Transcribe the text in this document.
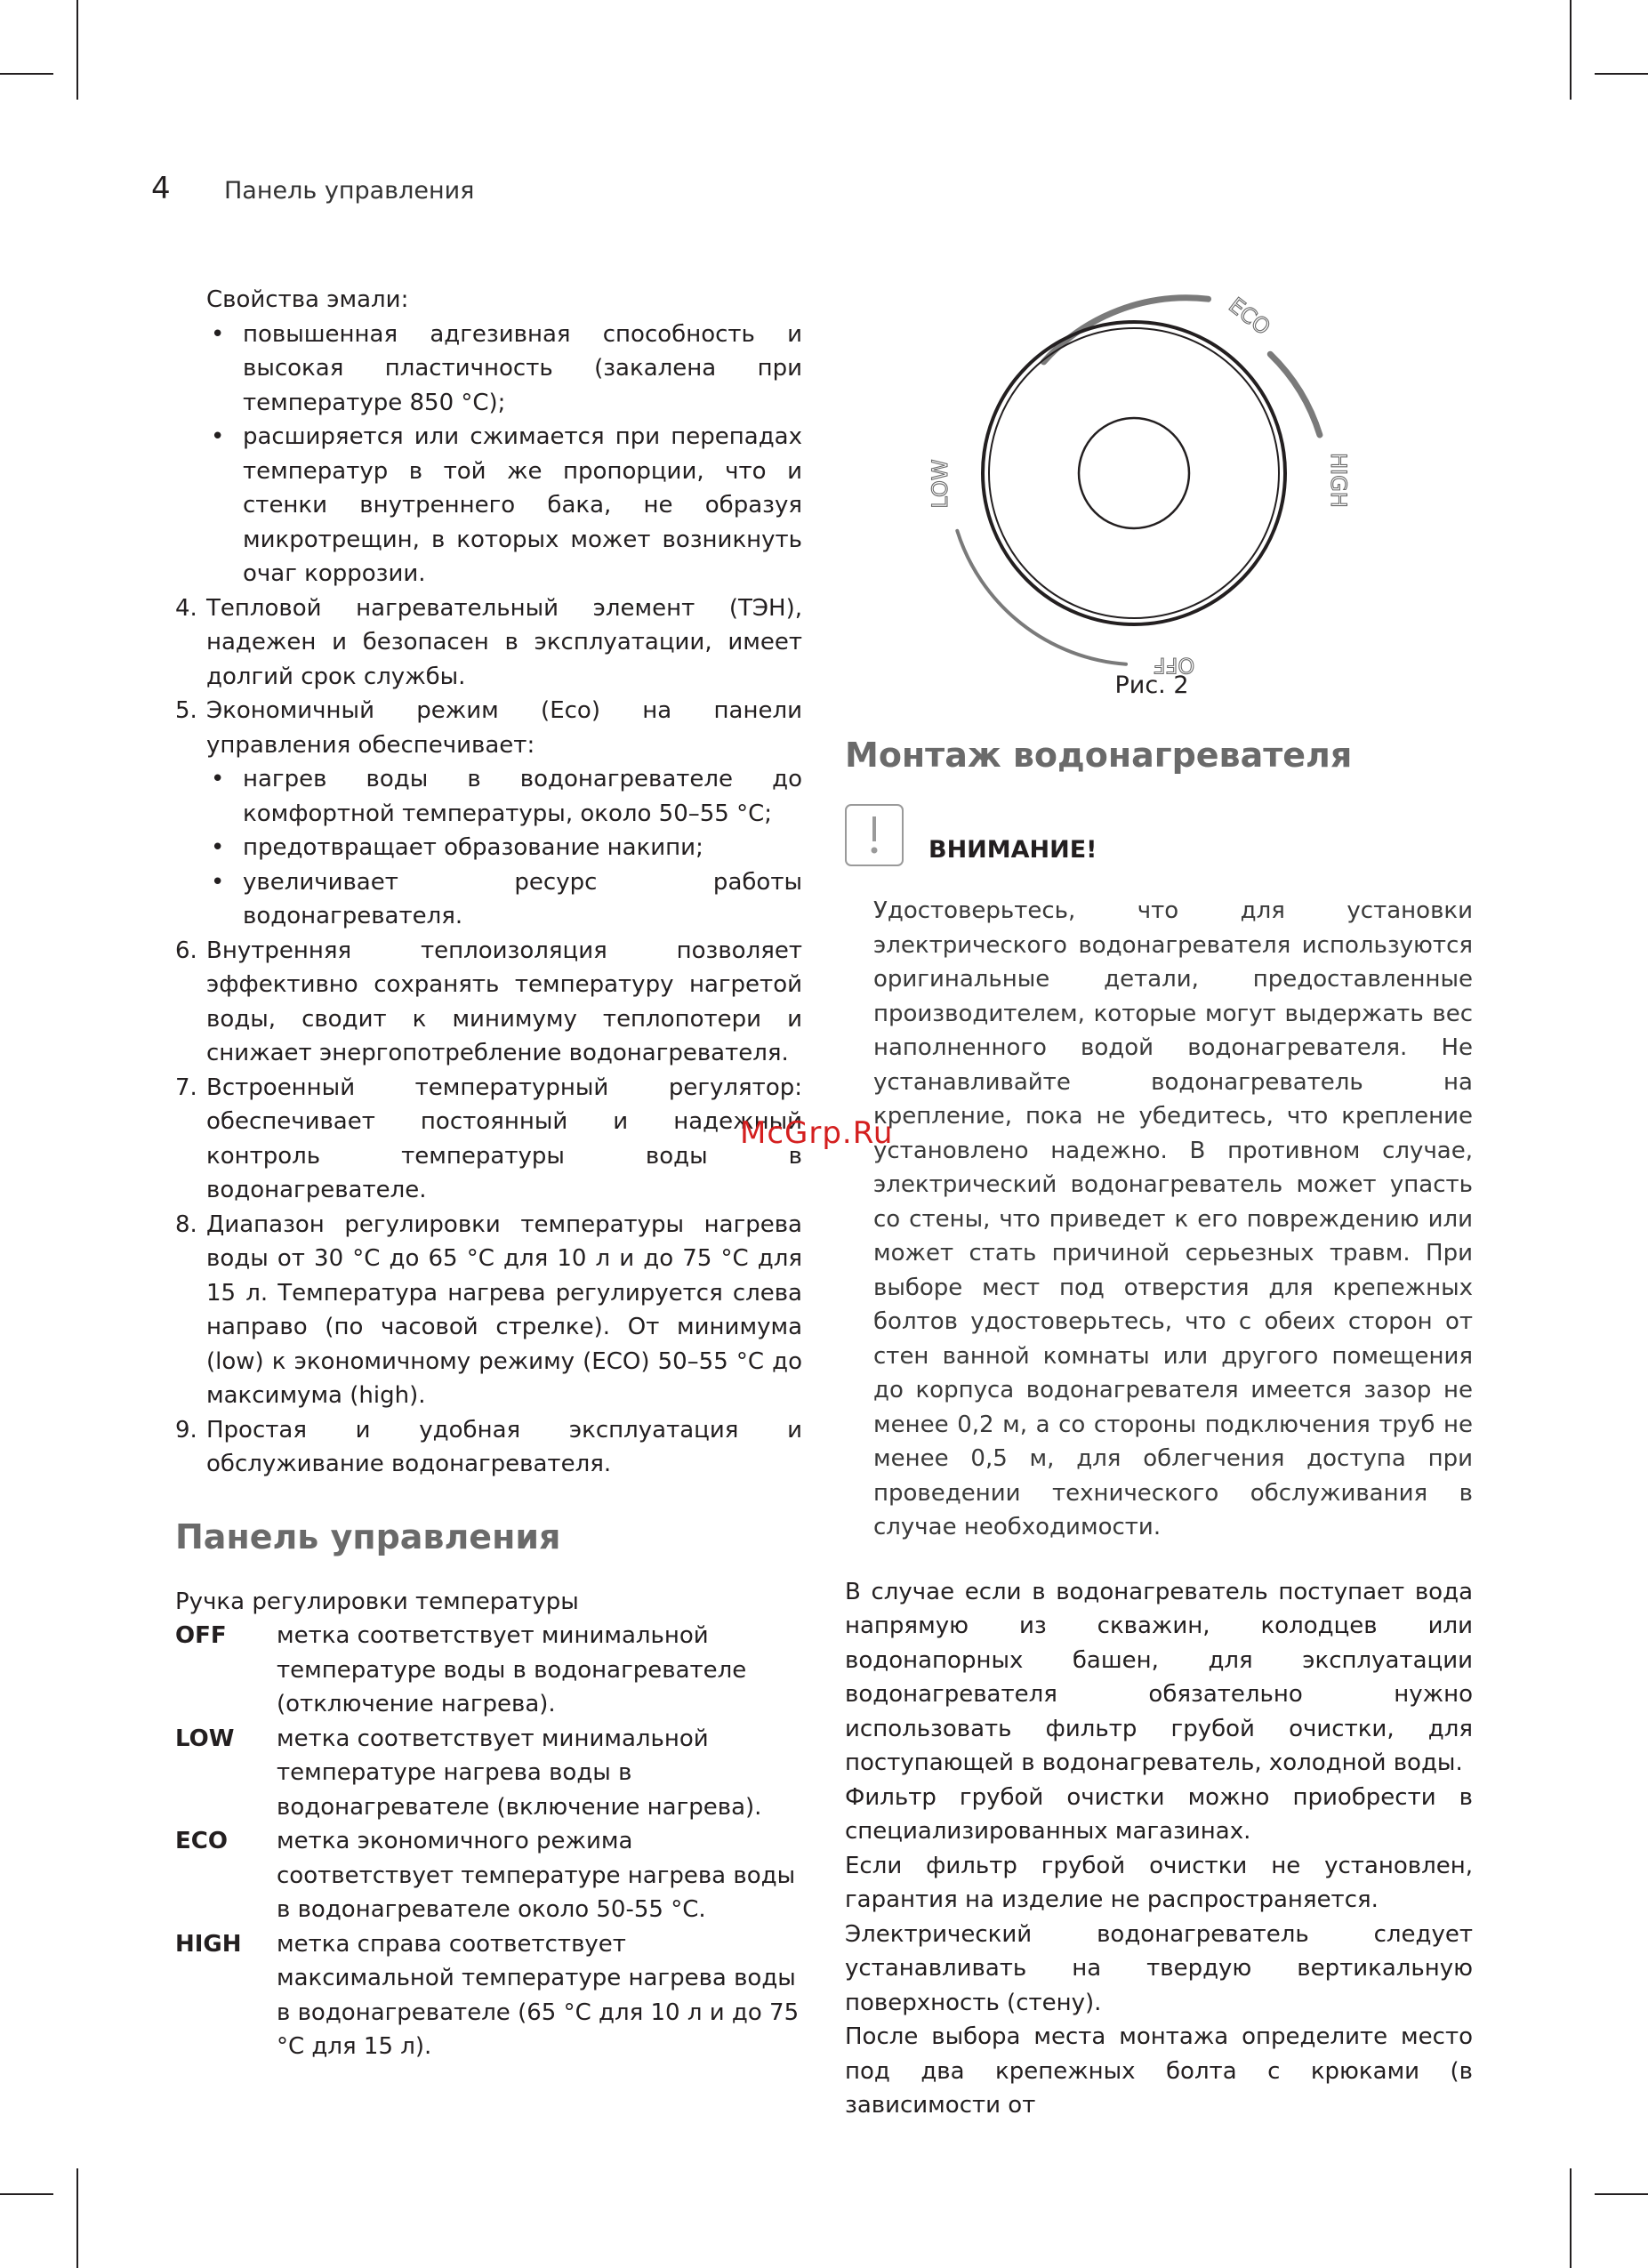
4	Панель управления

Свойства эмали:

• повышенная адгезивная способность и высокая пластичность (закалена при температуре 850 °С);
• расширяется или сжимается при перепадах температур в той же пропорции, что и стенки внутреннего бака, не образуя микротрещин, в которых может возникнуть очаг коррозии.
4. Тепловой нагревательный элемент (ТЭН), надежен и безопасен в эксплуатации, имеет долгий срок службы.
5. Экономичный режим (Eco) на панели управления обеспечивает:
• нагрев воды в водонагревателе до комфортной температуры, около 50–55 °С;
• предотвращает образование накипи;
• увеличивает ресурс работы водонагревателя.
6. Внутренняя теплоизоляция позволяет эффективно сохранять температуру нагретой воды, сводит к минимуму теплопотери и снижает энергопотребление водонагревателя.
7. Встроенный температурный регулятор: обеспечивает постоянный и надежный контроль температуры воды в водонагревателе.
8. Диапазон регулировки температуры нагрева воды от 30 °С до 65 °С для 10 л и до 75 °С для 15 л. Температура нагрева регулируется слева направо (по часовой стрелке). От минимума (low) к экономичному режиму (ECO) 50–55 °С до максимума (high).
9. Простая и удобная эксплуатация и обслуживание водонагревателя.
Панель управления

Ручка регулировки температуры

OFF	метка соответствует минимальной температуре воды в водонагревателе (отключение нагрева).
LOW	метка соответствует минимальной температуре нагрева воды в водонагревателе (включение нагрева).
ECO	метка экономичного режима соответствует температуре нагрева воды в водонагревателе около 50-55 °С.
HIGH	метка справа соответствует максимальной температуре нагрева воды в водонагревателе (65 °С для 10 л и до 75 °С для 15 л).
ECO
HIGH
LOW
OFF
Рис. 2
Монтаж водонагревателя
ВНИМАНИЕ!

Удостоверьтесь, что для установки электрического водонагревателя используются оригинальные детали, предоставленные производителем, которые могут выдержать вес наполненного водой водонагревателя. Не устанавливайте водонагреватель на крепление, пока не убедитесь, что крепление установлено надежно. В противном случае, электрический водонагреватель может упасть со стены, что приведет к его повреждению или может стать причиной серьезных травм. При выборе мест под отверстия для крепежных болтов удостоверьтесь, что с обеих сторон от стен ванной комнаты или другого помещения до корпуса водонагревателя имеется зазор не менее 0,2 м, а со стороны подключения труб не менее 0,5 м, для облегчения доступа при проведении технического обслуживания в случае необходимости.

В случае если в водонагреватель поступает вода напрямую из скважин, колодцев или водонапорных башен, для эксплуатации водонагревателя обязательно нужно использовать фильтр грубой очистки, для поступающей в водонагреватель, холодной воды.

Фильтр грубой очистки можно приобрести в специализированных магазинах.

Если фильтр грубой очистки не установлен, гарантия на изделие не распространяется.

Электрический водонагреватель следует устанавливать на твердую вертикальную поверхность (стену).

После выбора места монтажа определите место под два крепежных болта с крюками (в зависимости от

McGrp.Ru
